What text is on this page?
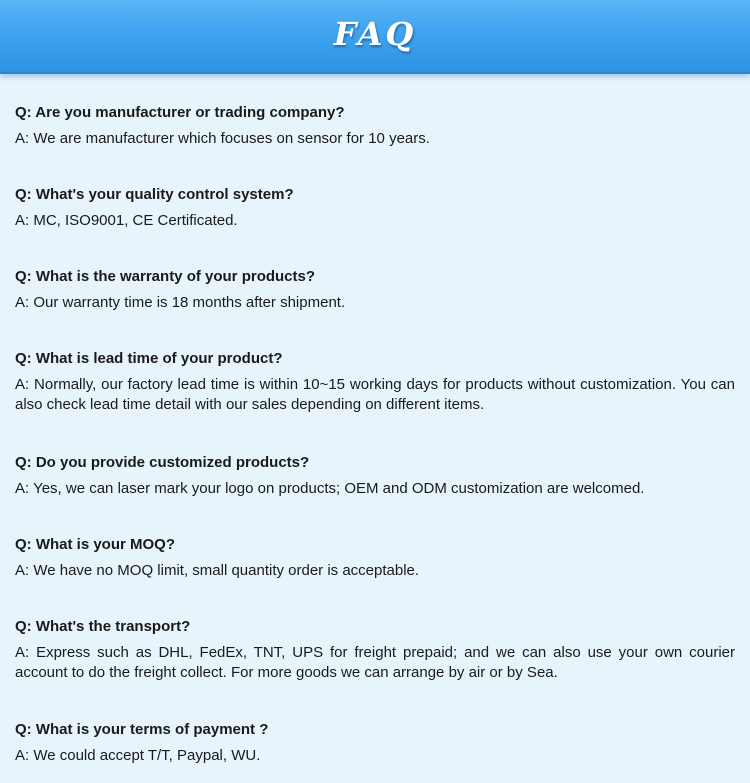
FAQ

Q: Are you manufacturer or trading company?

A: We are manufacturer which focuses on sensor for 10 years.

Q: What's your quality control system?

A: MC, ISO9001, CE Certificated.

Q: What is the warranty of your products?

A: Our warranty time is 18 months after shipment.

Q: What is lead time of your product?

A: Normally, our factory lead time is within 10~15 working days for products without customization. You can also check lead time detail with our sales depending on different items.

Q: Do you provide customized products?

A: Yes, we can laser mark your logo on products; OEM and ODM customization are welcomed.

Q: What is your MOQ?

A: We have no MOQ limit, small quantity order is acceptable.

Q: What's the transport?

A: Express such as DHL, FedEx, TNT, UPS for freight prepaid; and we can also use your own courier account to do the freight collect. For more goods we can arrange by air or by Sea.

Q: What is your terms of payment ?

A: We could accept T/T, Paypal, WU.
